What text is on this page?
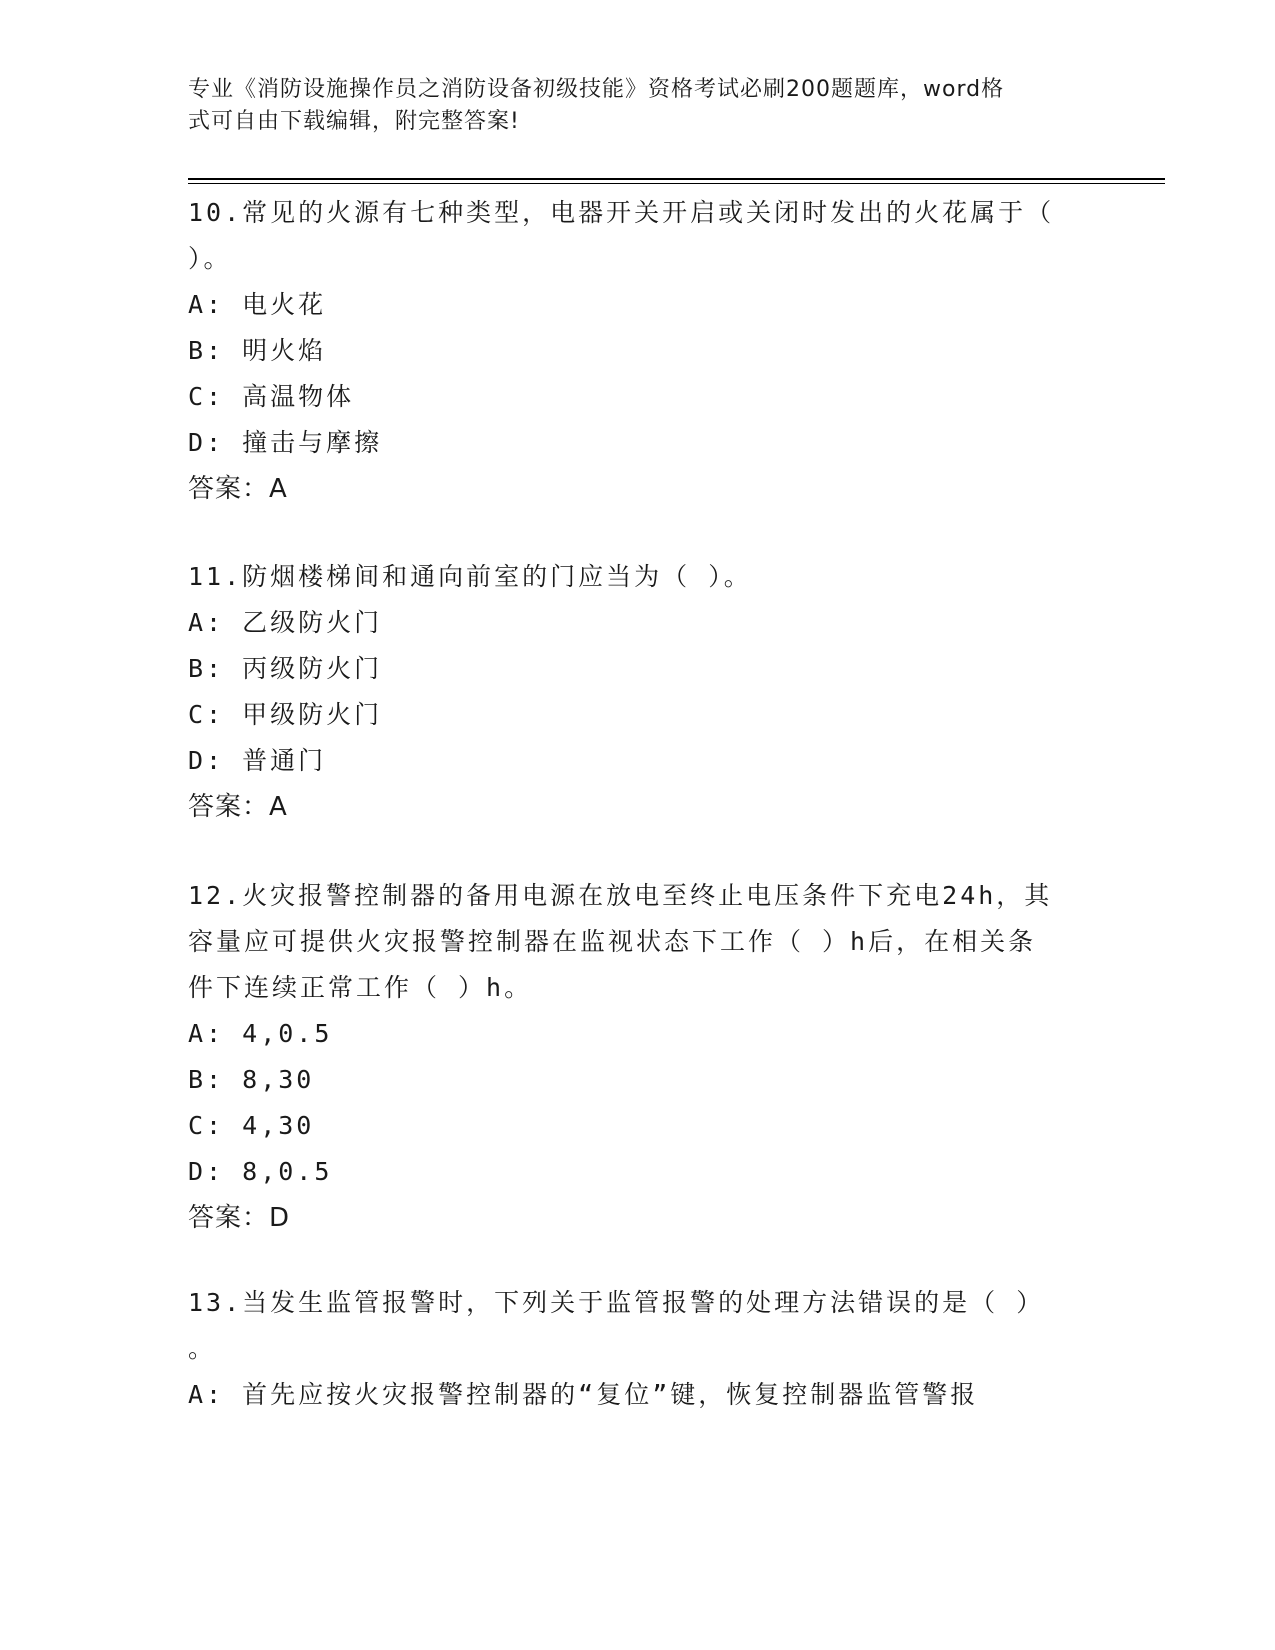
专业《消防设施操作员之消防设备初级技能》资格考试必刷200题题库，word格
式可自由下载编辑，附完整答案!

10.常见的火源有七种类型，电器开关开启或关闭时发出的火花属于（

）。

A: 电火花

B: 明火焰

C: 高温物体

D: 撞击与摩擦

答案：A

11.防烟楼梯间和通向前室的门应当为（ ）。

A: 乙级防火门

B: 丙级防火门

C: 甲级防火门

D: 普通门

答案：A

12.火灾报警控制器的备用电源在放电至终止电压条件下充电24h，其

容量应可提供火灾报警控制器在监视状态下工作（ ）h后，在相关条

件下连续正常工作（ ）h。

A: 4,0.5

B: 8,30

C: 4,30

D: 8,0.5

答案：D

13.当发生监管报警时，下列关于监管报警的处理方法错误的是（ ）

。

A: 首先应按火灾报警控制器的“复位”键，恢复控制器监管警报
